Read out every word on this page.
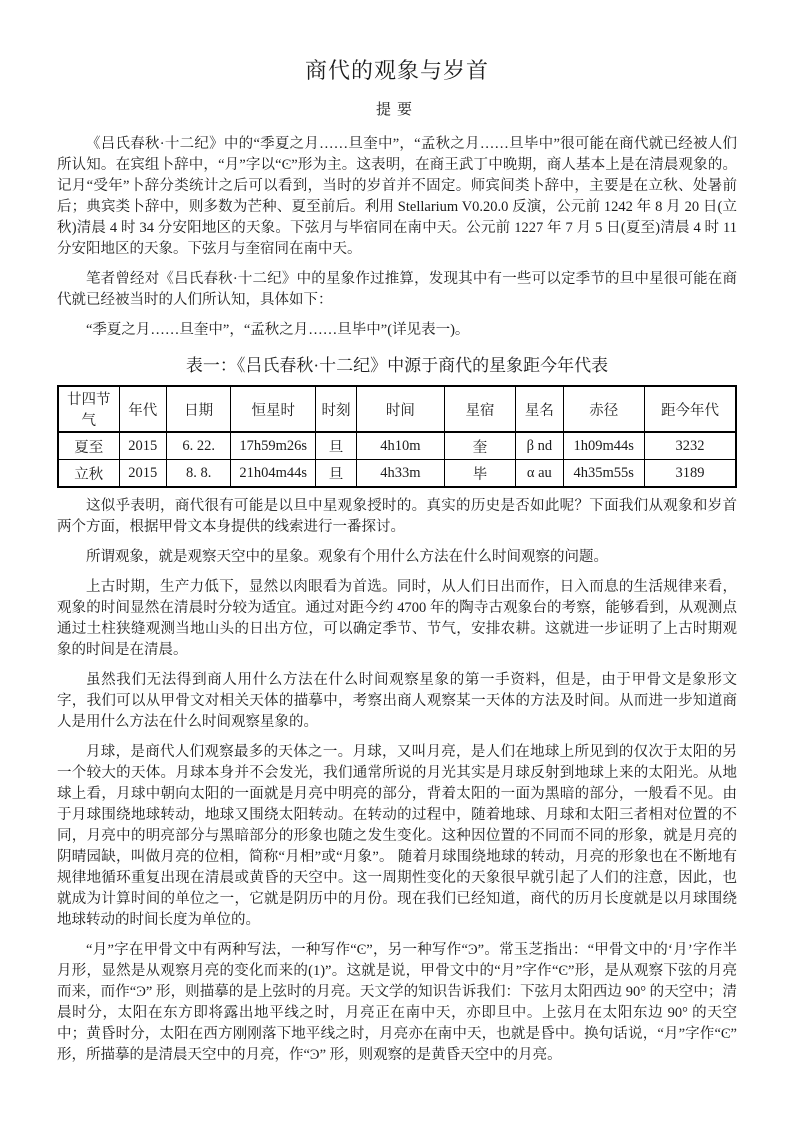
商代的观象与岁首
提要

《吕氏春秋·十二纪》中的“季夏之月……旦奎中”，“孟秋之月……旦毕中”很可能在商代就已经被人们所认知。在宾组卜辞中，“月”字以“Ͼ”形为主。这表明，在商王武丁中晚期，商人基本上是在清晨观象的。记月“受年”卜辞分类统计之后可以看到，当时的岁首并不固定。师宾间类卜辞中，主要是在立秋、处暑前后；典宾类卜辞中，则多数为芒种、夏至前后。利用 Stellarium V0.20.0 反演，公元前 1242 年 8 月 20 日(立秋)清晨 4 时 34 分安阳地区的天象。下弦月与毕宿同在南中天。公元前 1227 年 7 月 5 日(夏至)清晨 4 时 11 分安阳地区的天象。下弦月与奎宿同在南中天。

笔者曾经对《吕氏春秋·十二纪》中的星象作过推算，发现其中有一些可以定季节的旦中星很可能在商代就已经被当时的人们所认知，具体如下：

“季夏之月……旦奎中”，“孟秋之月……旦毕中”(详见表一)。

表一：《吕氏春秋·十二纪》中源于商代的星象距今年代表
廿四节气	年代	日期	恒星时	时刻	时间	星宿	星名	赤径	距今年代
夏至	2015	6. 22.	17h59m26s	旦	4h10m	奎	β nd	1h09m44s	3232
立秋	2015	8. 8.	21h04m44s	旦	4h33m	毕	α au	4h35m55s	3189

这似乎表明，商代很有可能是以旦中星观象授时的。真实的历史是否如此呢？下面我们从观象和岁首两个方面，根据甲骨文本身提供的线索进行一番探讨。

所谓观象，就是观察天空中的星象。观象有个用什么方法在什么时间观察的问题。

上古时期，生产力低下，显然以肉眼看为首选。同时，从人们日出而作，日入而息的生活规律来看，观象的时间显然在清晨时分较为适宜。通过对距今约 4700 年的陶寺古观象台的考察，能够看到，从观测点通过土柱狭缝观测当地山头的日出方位，可以确定季节、节气，安排农耕。这就进一步证明了上古时期观象的时间是在清晨。

虽然我们无法得到商人用什么方法在什么时间观察星象的第一手资料，但是，由于甲骨文是象形文字，我们可以从甲骨文对相关天体的描摹中，考察出商人观察某一天体的方法及时间。从而进一步知道商人是用什么方法在什么时间观察星象的。

月球，是商代人们观察最多的天体之一。月球，又叫月亮，是人们在地球上所见到的仅次于太阳的另一个较大的天体。月球本身并不会发光，我们通常所说的月光其实是月球反射到地球上来的太阳光。从地球上看，月球中朝向太阳的一面就是月亮中明亮的部分，背着太阳的一面为黑暗的部分，一般看不见。由于月球围绕地球转动，地球又围绕太阳转动。在转动的过程中，随着地球、月球和太阳三者相对位置的不同，月亮中的明亮部分与黑暗部分的形象也随之发生变化。这种因位置的不同而不同的形象，就是月亮的阴晴园缺，叫做月亮的位相，简称“月相”或“月象”。 随着月球围绕地球的转动，月亮的形象也在不断地有规律地循环重复出现在清晨或黄昏的天空中。这一周期性变化的天象很早就引起了人们的注意，因此，也就成为计算时间的单位之一，它就是阴历中的月份。现在我们已经知道，商代的历月长度就是以月球围绕地球转动的时间长度为单位的。

“月”字在甲骨文中有两种写法，一种写作“Ͼ”，另一种写作“Ͽ”。常玉芝指出：“甲骨文中的‘月’字作半月形，显然是从观察月亮的变化而来的(1)”。这就是说，甲骨文中的“月”字作“Ͼ”形，是从观察下弦的月亮而来，而作“Ͽ” 形，则描摹的是上弦时的月亮。天文学的知识告诉我们：下弦月太阳西边 90° 的天空中；清晨时分，太阳在东方即将露出地平线之时，月亮正在南中天，亦即旦中。上弦月在太阳东边 90° 的天空中；黄昏时分，太阳在西方刚刚落下地平线之时，月亮亦在南中天，也就是昏中。换句话说，“月”字作“Ͼ” 形，所描摹的是清晨天空中的月亮，作“Ͽ” 形，则观察的是黄昏天空中的月亮。
